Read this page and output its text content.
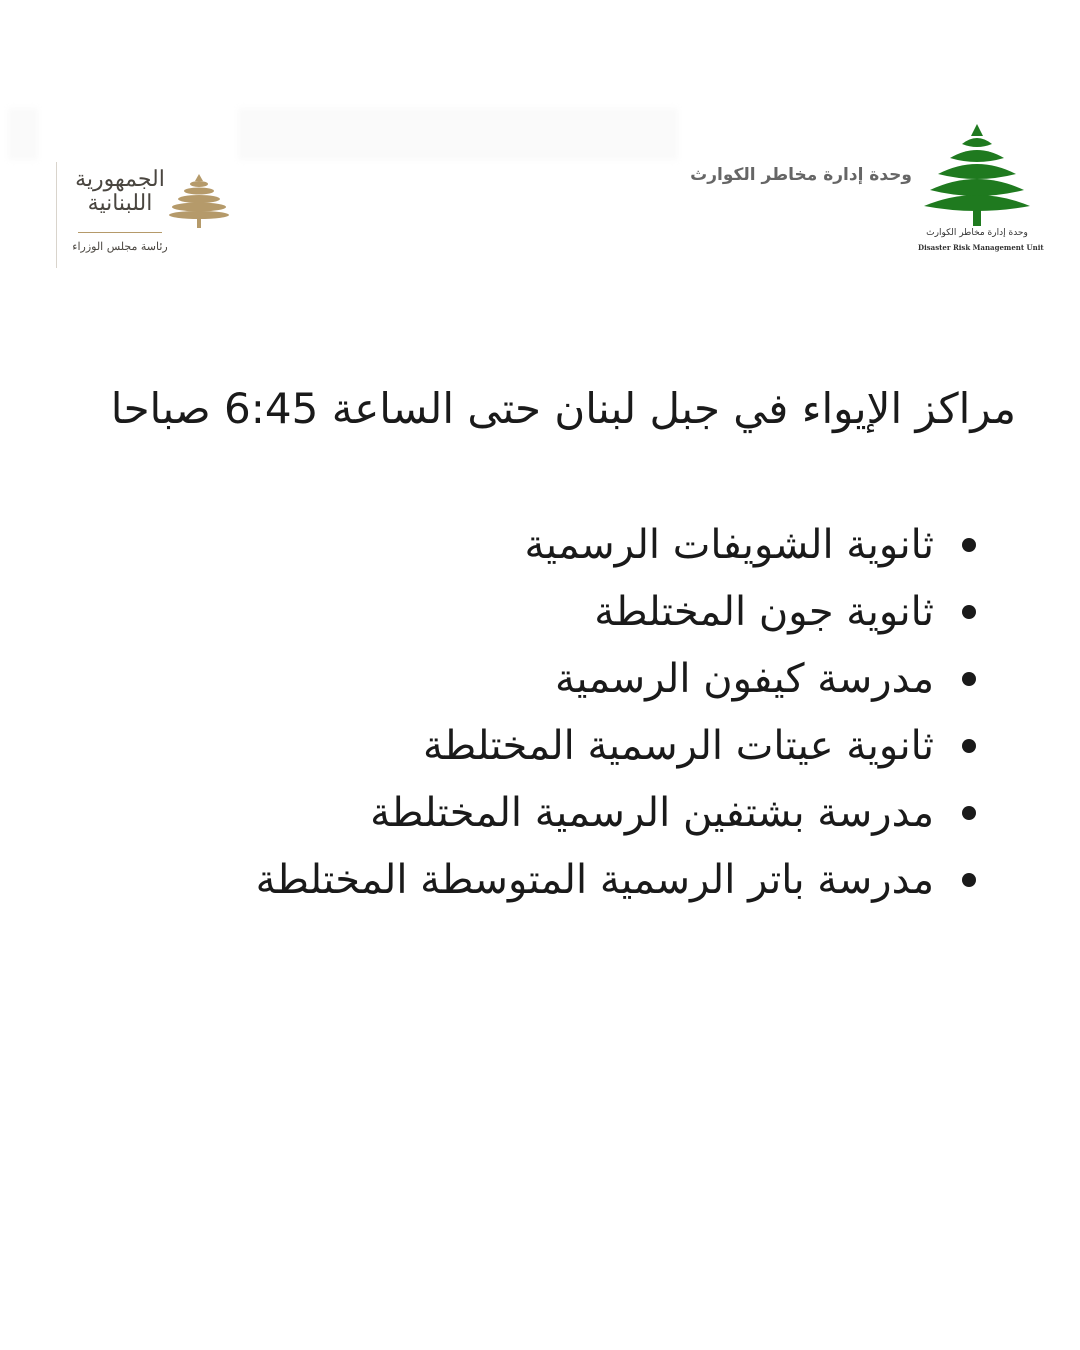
الجمهورية
اللبنانية
رئاسة مجلس الوزراء
وحدة إدارة مخاطر الكوارث
وحدة إدارة مخاطر الكوارث
Disaster Risk Management Unit
مراكز الإيواء في جبل لبنان حتى الساعة 6:45 صباحا
ثانوية الشويفات الرسمية
ثانوية جون المختلطة
مدرسة كيفون الرسمية
ثانوية عيتات الرسمية المختلطة
مدرسة بشتفين الرسمية المختلطة
مدرسة باتر الرسمية المتوسطة المختلطة
